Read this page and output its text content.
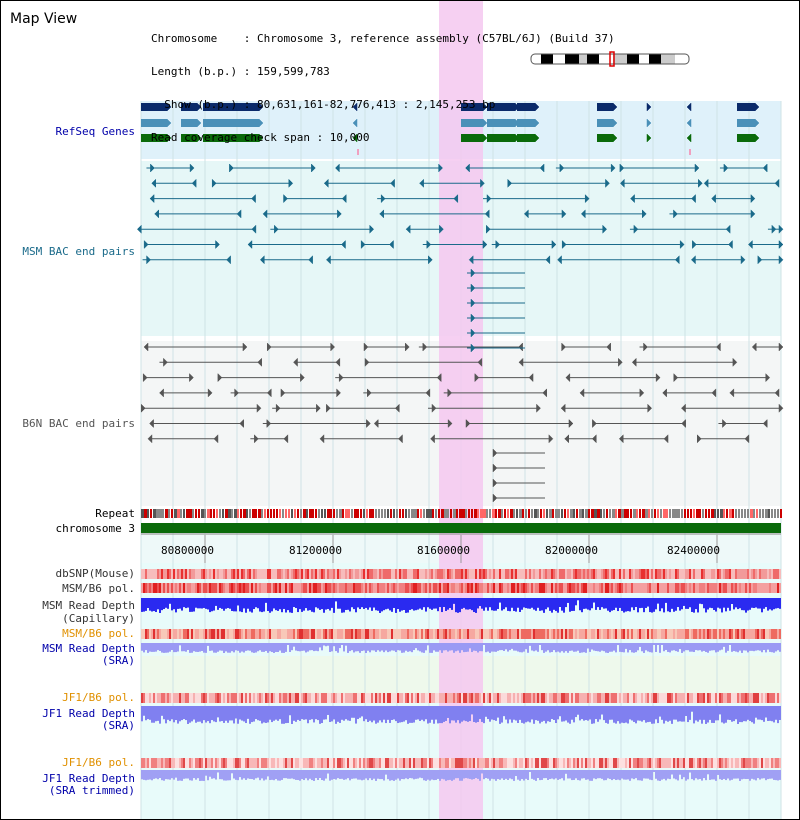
Map View

Chromosome    : Chromosome 3, reference assembly (C57BL/6J) (Build 37)

Length (b.p.) : 159,599,783

Show (b.p.) : 80,631,161-82,776,413 : 2,145,253 bp

Read coverage check span : 10,000

RefSeq Genes
MSM BAC end pairs
B6N BAC end pairs
Repeat
chromosome 3
dbSNP(Mouse)
MSM/B6 pol.
MSM Read Depth
(Capillary)
MSM/B6 pol.
MSM Read Depth
(SRA)
JF1/B6 pol.
JF1 Read Depth
(SRA)
JF1/B6 pol.
JF1 Read Depth
(SRA trimmed)
80800000	81200000	81600000	82000000	82400000
